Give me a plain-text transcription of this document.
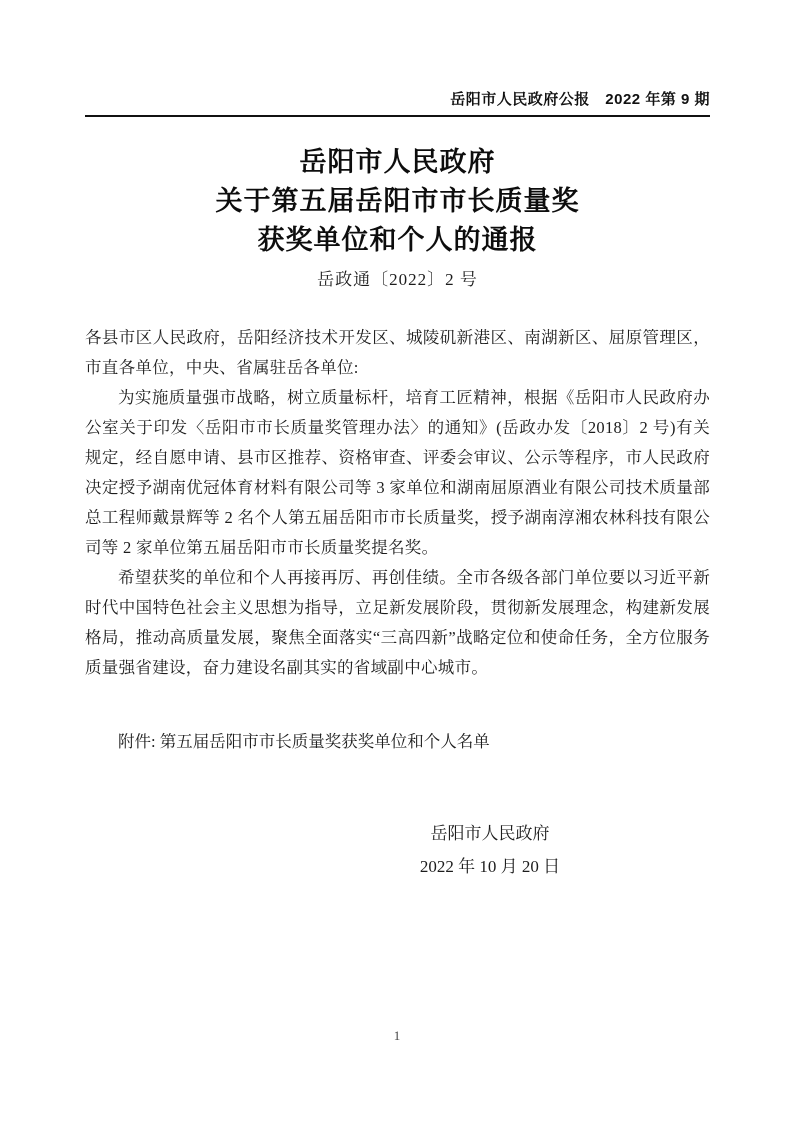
岳阳市人民政府公报　2022 年第 9 期
岳阳市人民政府
关于第五届岳阳市市长质量奖
获奖单位和个人的通报
岳政通〔2022〕2 号

各县市区人民政府，岳阳经济技术开发区、城陵矶新港区、南湖新区、屈原管理区，市直各单位，中央、省属驻岳各单位:

为实施质量强市战略，树立质量标杆，培育工匠精神，根据《岳阳市人民政府办公室关于印发〈岳阳市市长质量奖管理办法〉的通知》(岳政办发〔2018〕2 号)有关规定，经自愿申请、县市区推荐、资格审查、评委会审议、公示等程序，市人民政府决定授予湖南优冠体育材料有限公司等 3 家单位和湖南屈原酒业有限公司技术质量部总工程师戴景辉等 2 名个人第五届岳阳市市长质量奖，授予湖南淳湘农林科技有限公司等 2 家单位第五届岳阳市市长质量奖提名奖。

希望获奖的单位和个人再接再厉、再创佳绩。全市各级各部门单位要以习近平新时代中国特色社会主义思想为指导，立足新发展阶段，贯彻新发展理念，构建新发展格局，推动高质量发展，聚焦全面落实“三高四新”战略定位和使命任务，全方位服务质量强省建设，奋力建设名副其实的省域副中心城市。

附件: 第五届岳阳市市长质量奖获奖单位和个人名单
岳阳市人民政府
2022 年 10 月 20 日
1
